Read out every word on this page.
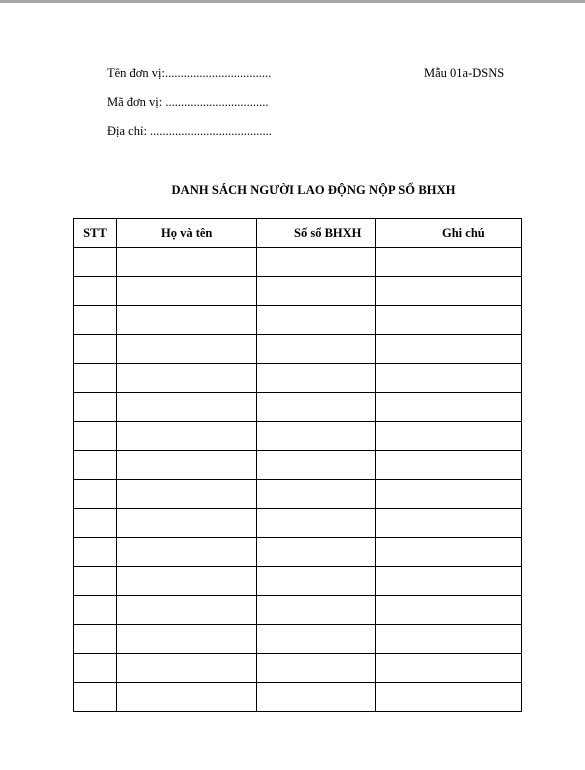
Tên đơn vị:..................................
Mã đơn vị: .................................
Địa chỉ: .......................................
Mẫu 01a-DSNS
DANH SÁCH NGƯỜI LAO ĐỘNG NỘP SỔ BHXH
STT	Họ và tên	Số sổ BHXH	Ghi chú
